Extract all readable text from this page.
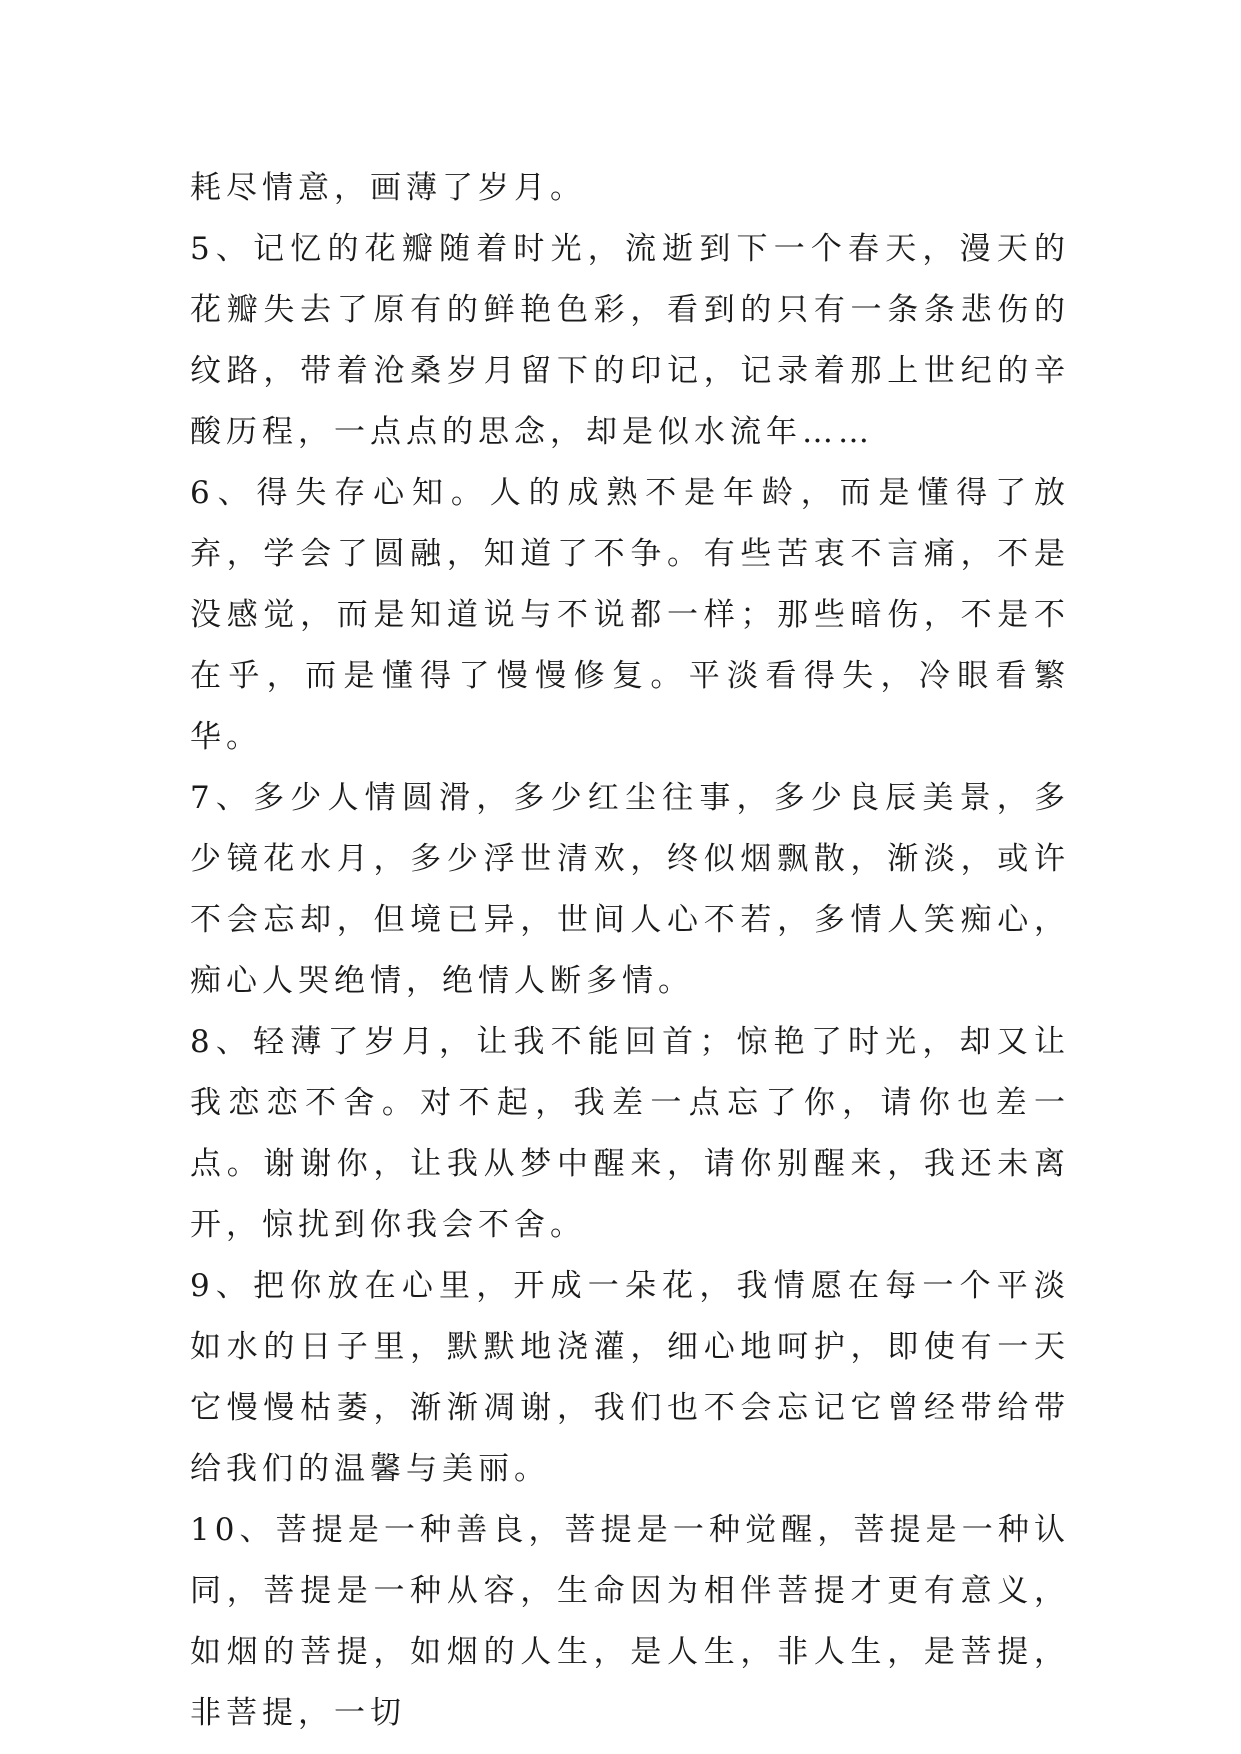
耗尽情意，画薄了岁月。

5、记忆的花瓣随着时光，流逝到下一个春天，漫天的花瓣失去了原有的鲜艳色彩，看到的只有一条条悲伤的纹路，带着沧桑岁月留下的印记，记录着那上世纪的辛酸历程，一点点的思念，却是似水流年……

6、得失存心知。人的成熟不是年龄，而是懂得了放弃，学会了圆融，知道了不争。有些苦衷不言痛，不是没感觉，而是知道说与不说都一样；那些暗伤，不是不在乎，而是懂得了慢慢修复。平淡看得失，冷眼看繁华。

7、多少人情圆滑，多少红尘往事，多少良辰美景，多少镜花水月，多少浮世清欢，终似烟飘散，渐淡，或许不会忘却，但境已异，世间人心不若，多情人笑痴心，痴心人哭绝情，绝情人断多情。

8、轻薄了岁月，让我不能回首；惊艳了时光，却又让我恋恋不舍。对不起，我差一点忘了你，请你也差一点。谢谢你，让我从梦中醒来，请你别醒来，我还未离开，惊扰到你我会不舍。

9、把你放在心里，开成一朵花，我情愿在每一个平淡如水的日子里，默默地浇灌，细心地呵护，即使有一天它慢慢枯萎，渐渐凋谢，我们也不会忘记它曾经带给带给我们的温馨与美丽。

10、菩提是一种善良，菩提是一种觉醒，菩提是一种认同，菩提是一种从容，生命因为相伴菩提才更有意义，如烟的菩提，如烟的人生，是人生，非人生，是菩提，非菩提，一切
